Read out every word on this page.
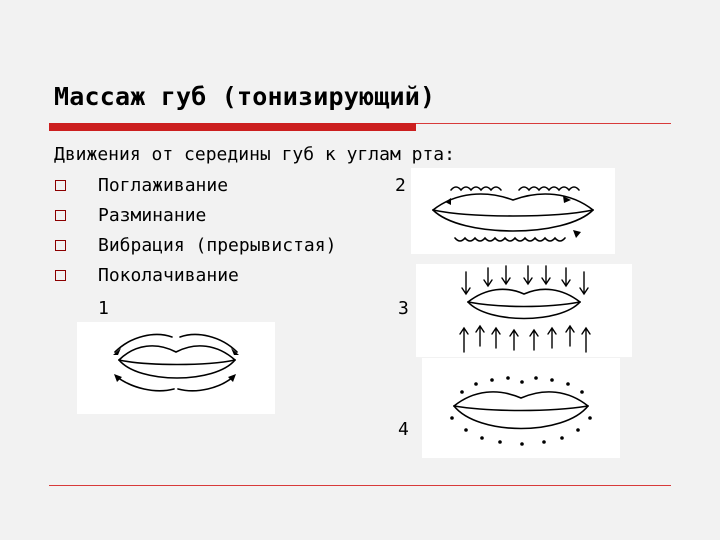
Массаж губ (тонизирующий)
Движения от середины губ к углам рта:
Поглаживание
Разминание
Вибрация (прерывистая)
Поколачивание
1
2
3
4
